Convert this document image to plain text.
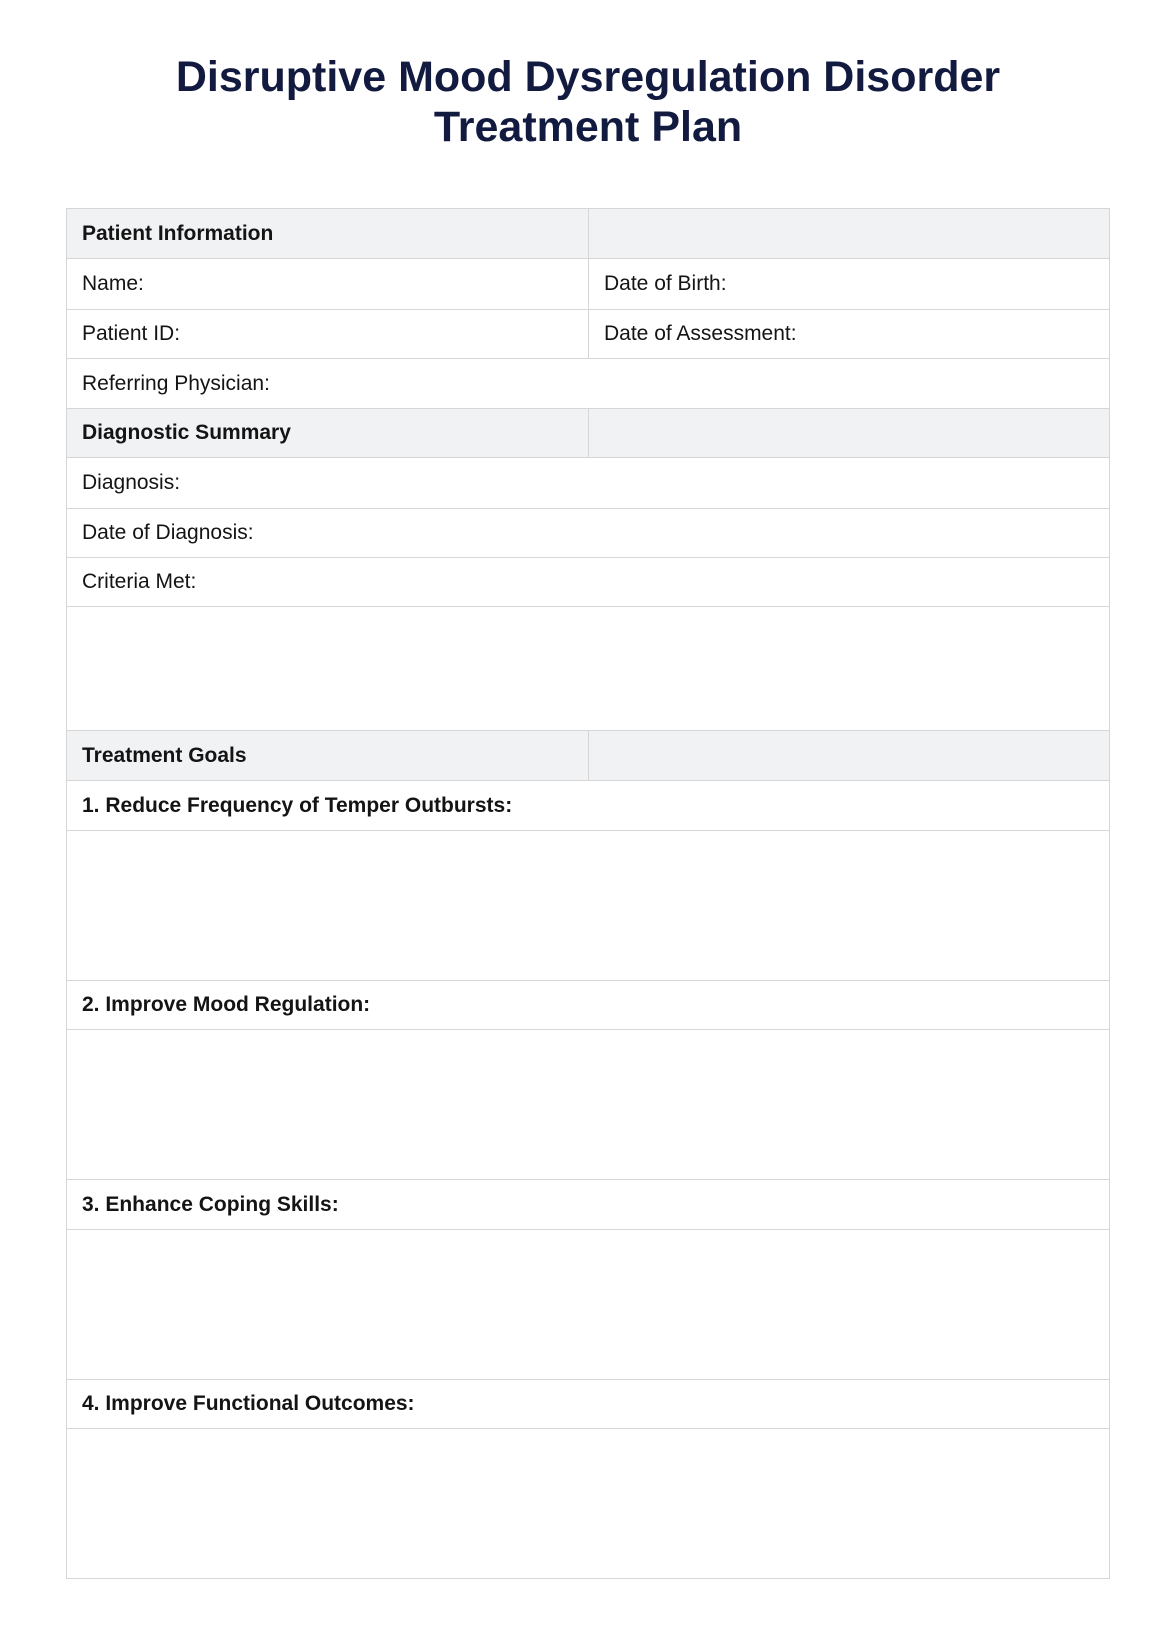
Disruptive Mood Dysregulation Disorder
Treatment Plan
Patient Information	
Name:	Date of Birth:
Patient ID:	Date of Assessment:
Referring Physician:	
Diagnostic Summary	
Diagnosis:	
Date of Diagnosis:	
Criteria Met:	

Treatment Goals	
1. Reduce Frequency of Temper Outbursts:	

2. Improve Mood Regulation:	

3. Enhance Coping Skills:	

4. Improve Functional Outcomes:	
